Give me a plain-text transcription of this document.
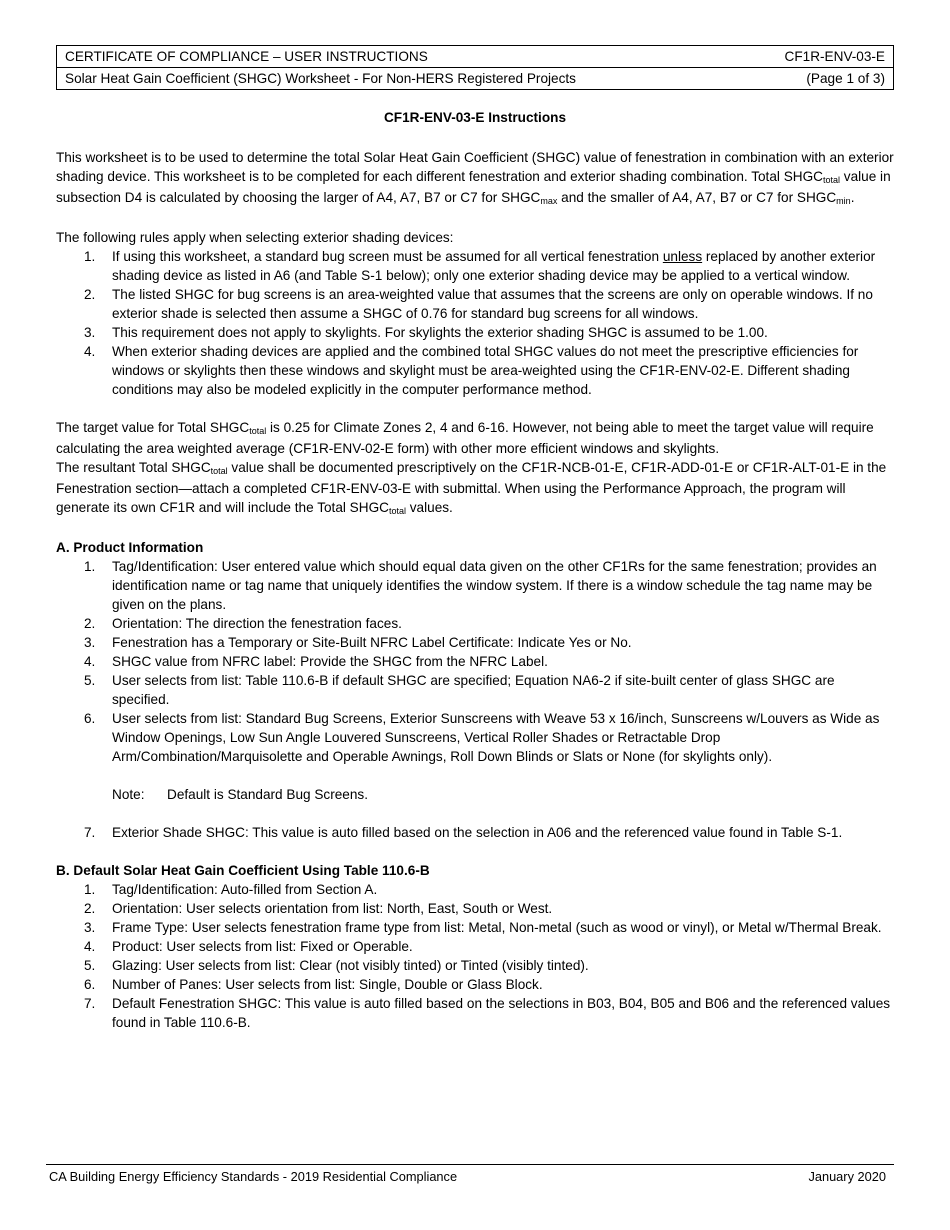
CERTIFICATE OF COMPLIANCE – USER INSTRUCTIONS	CF1R-ENV-03-E
Solar Heat Gain Coefficient (SHGC) Worksheet - For Non-HERS Registered Projects	(Page 1 of 3)
CF1R-ENV-03-E Instructions

This worksheet is to be used to determine the total Solar Heat Gain Coefficient (SHGC) value of fenestration in combination with an exterior shading device. This worksheet is to be completed for each different fenestration and exterior shading combination. Total $SHGC_{total}$ value in subsection D4 is calculated by choosing the larger of A4, A7, B7 or C7 for $SHGC_{max}$ and the smaller of A4, A7, B7 or C7 for $SHGC_{min}$.

The following rules apply when selecting exterior shading devices:

1. If using this worksheet, a standard bug screen must be assumed for all vertical fenestration unless replaced by another exterior shading device as listed in A6 (and Table S-1 below); only one exterior shading device may be applied to a vertical window.
2. The listed SHGC for bug screens is an area-weighted value that assumes that the screens are only on operable windows. If no exterior shade is selected then assume a SHGC of 0.76 for standard bug screens for all windows.
3. This requirement does not apply to skylights. For skylights the exterior shading SHGC is assumed to be 1.00.
4. When exterior shading devices are applied and the combined total SHGC values do not meet the prescriptive efficiencies for windows or skylights then these windows and skylight must be area-weighted using the CF1R-ENV-02-E. Different shading conditions may also be modeled explicitly in the computer performance method.

The target value for Total $SHGC_{total}$ is 0.25 for Climate Zones 2, 4 and 6-16. However, not being able to meet the target value will require calculating the area weighted average (CF1R-ENV-02-E form) with other more efficient windows and skylights.

The resultant Total $SHGC_{total}$ value shall be documented prescriptively on the CF1R-NCB-01-E, CF1R-ADD-01-E or CF1R-ALT-01-E in the Fenestration section—attach a completed CF1R-ENV-03-E with submittal. When using the Performance Approach, the program will generate its own CF1R and will include the Total $SHGC_{total}$ values.

A. Product Information
1. Tag/Identification: User entered value which should equal data given on the other CF1Rs for the same fenestration; provides an identification name or tag name that uniquely identifies the window system. If there is a window schedule the tag name may be given on the plans.
2. Orientation: The direction the fenestration faces.
3. Fenestration has a Temporary or Site-Built NFRC Label Certificate: Indicate Yes or No.
4. SHGC value from NFRC label: Provide the SHGC from the NFRC Label.
5. User selects from list: Table 110.6-B if default SHGC are specified; Equation NA6-2 if site-built center of glass SHGC are specified.
6. User selects from list: Standard Bug Screens, Exterior Sunscreens with Weave 53 x 16/inch, Sunscreens w/Louvers as Wide as Window Openings, Low Sun Angle Louvered Sunscreens, Vertical Roller Shades or Retractable Drop Arm/Combination/Marquisolette and Operable Awnings, Roll Down Blinds or Slats or None (for skylights only).

Note: Default is Standard Bug Screens.

7. Exterior Shade SHGC: This value is auto filled based on the selection in A06 and the referenced value found in Table S-1.
B. Default Solar Heat Gain Coefficient Using Table 110.6-B
1. Tag/Identification: Auto-filled from Section A.
2. Orientation: User selects orientation from list: North, East, South or West.
3. Frame Type: User selects fenestration frame type from list: Metal, Non-metal (such as wood or vinyl), or Metal w/Thermal Break.
4. Product: User selects from list: Fixed or Operable.
5. Glazing: User selects from list: Clear (not visibly tinted) or Tinted (visibly tinted).
6. Number of Panes: User selects from list: Single, Double or Glass Block.
7. Default Fenestration SHGC: This value is auto filled based on the selections in B03, B04, B05 and B06 and the referenced values found in Table 110.6-B.
CA Building Energy Efficiency Standards - 2019 Residential Compliance	January 2020
